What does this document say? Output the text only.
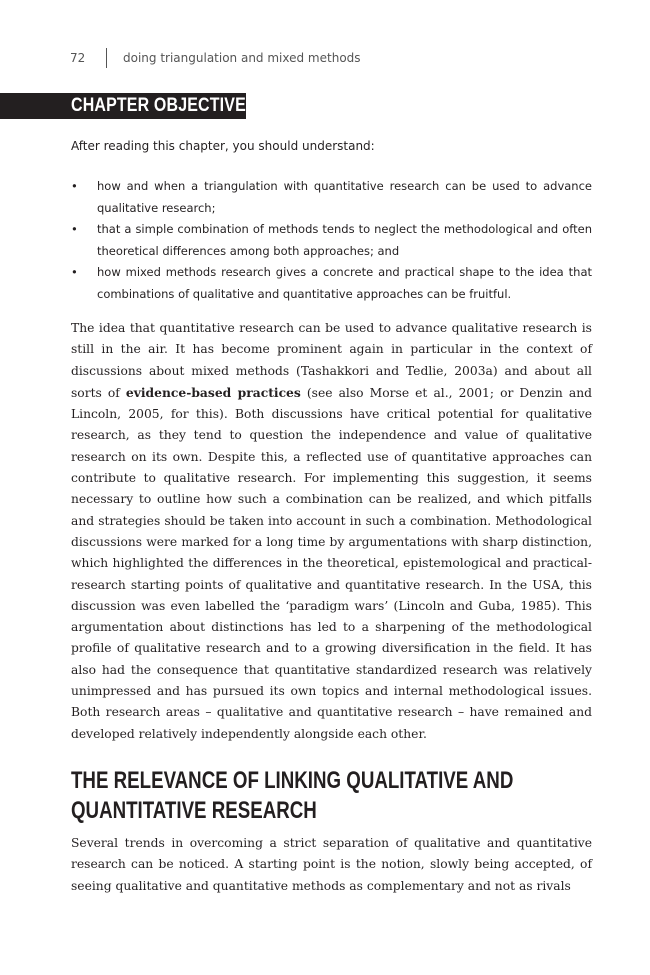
72	doing triangulation and mixed methods
CHAPTER OBJECTIVES
After reading this chapter, you should understand:
• how and when a triangulation with quantitative research can be used to advance qualitative research;
• that a simple combination of methods tends to neglect the methodological and often theoretical differences among both approaches; and
• how mixed methods research gives a concrete and practical shape to the idea that combinations of qualitative and quantitative approaches can be fruitful.

The idea that quantitative research can be used to advance qualitative research is still in the air. It has become prominent again in particular in the context of discussions about mixed methods (Tashakkori and Tedlie, 2003a) and about all sorts of evidence-based practices (see also Morse et al., 2001; or Denzin and Lincoln, 2005, for this). Both discussions have critical potential for qualitative research, as they tend to question the independence and value of qualitative research on its own. Despite this, a reflected use of quantitative approaches can contribute to qualitative research. For implementing this suggestion, it seems necessary to outline how such a combination can be realized, and which pitfalls and strategies should be taken into account in such a combination. Methodological discussions were marked for a long time by argumentations with sharp distinction, which highlighted the differences in the theoretical, epistemological and practical-research starting points of qualitative and quantitative research. In the USA, this discussion was even labelled the ‘paradigm wars’ (Lincoln and Guba, 1985). This argumentation about distinctions has led to a sharpening of the methodological profile of qualitative research and to a growing diversification in the field. It has also had the consequence that quantitative standardized research was relatively unimpressed and has pursued its own topics and internal methodological issues. Both research areas – qualitative and quantitative research – have remained and developed relatively independently alongside each other.

THE RELEVANCE OF LINKING QUALITATIVE AND
QUANTITATIVE RESEARCH

Several trends in overcoming a strict separation of qualitative and quantitative research can be noticed. A starting point is the notion, slowly being accepted, of seeing qualitative and quantitative methods as complementary and not as rivals
